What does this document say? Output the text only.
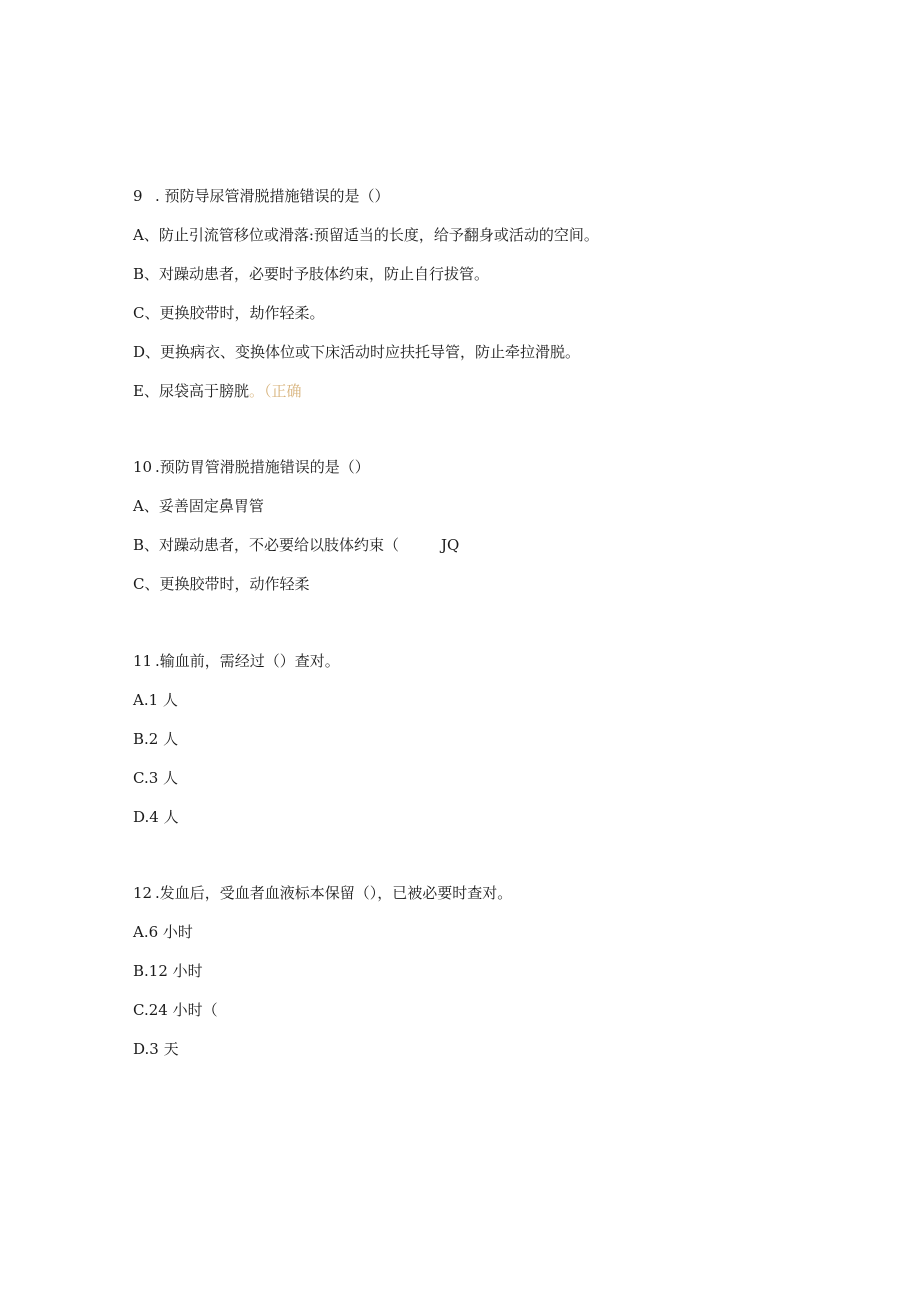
9 . 预防导尿管滑脱措施错误的是（）
A、防止引流管移位或滑落:预留适当的长度，给予翻身或活动的空间。
B、对躁动患者，必要时予肢体约束，防止自行拔管。
C、更换胶带时，劫作轻柔。
D、更换病衣、变换体位或下床活动时应扶托导管，防止牵拉滑脱。
E、尿袋高于膀胱。（正确
10 .预防胃管滑脱措施错误的是（）
A、妥善固定鼻胃管
B、对躁动患者，不必要给以肢体约束（	JQ
C、更换胶带时，动作轻柔
11 .输血前，需经过（）查对。
A.1 人
B.2 人
C.3 人
D.4 人
12 .发血后，受血者血液标本保留（），已被必要时查对。
A.6 小时
B.12 小时
C.24 小时（
D.3 天
